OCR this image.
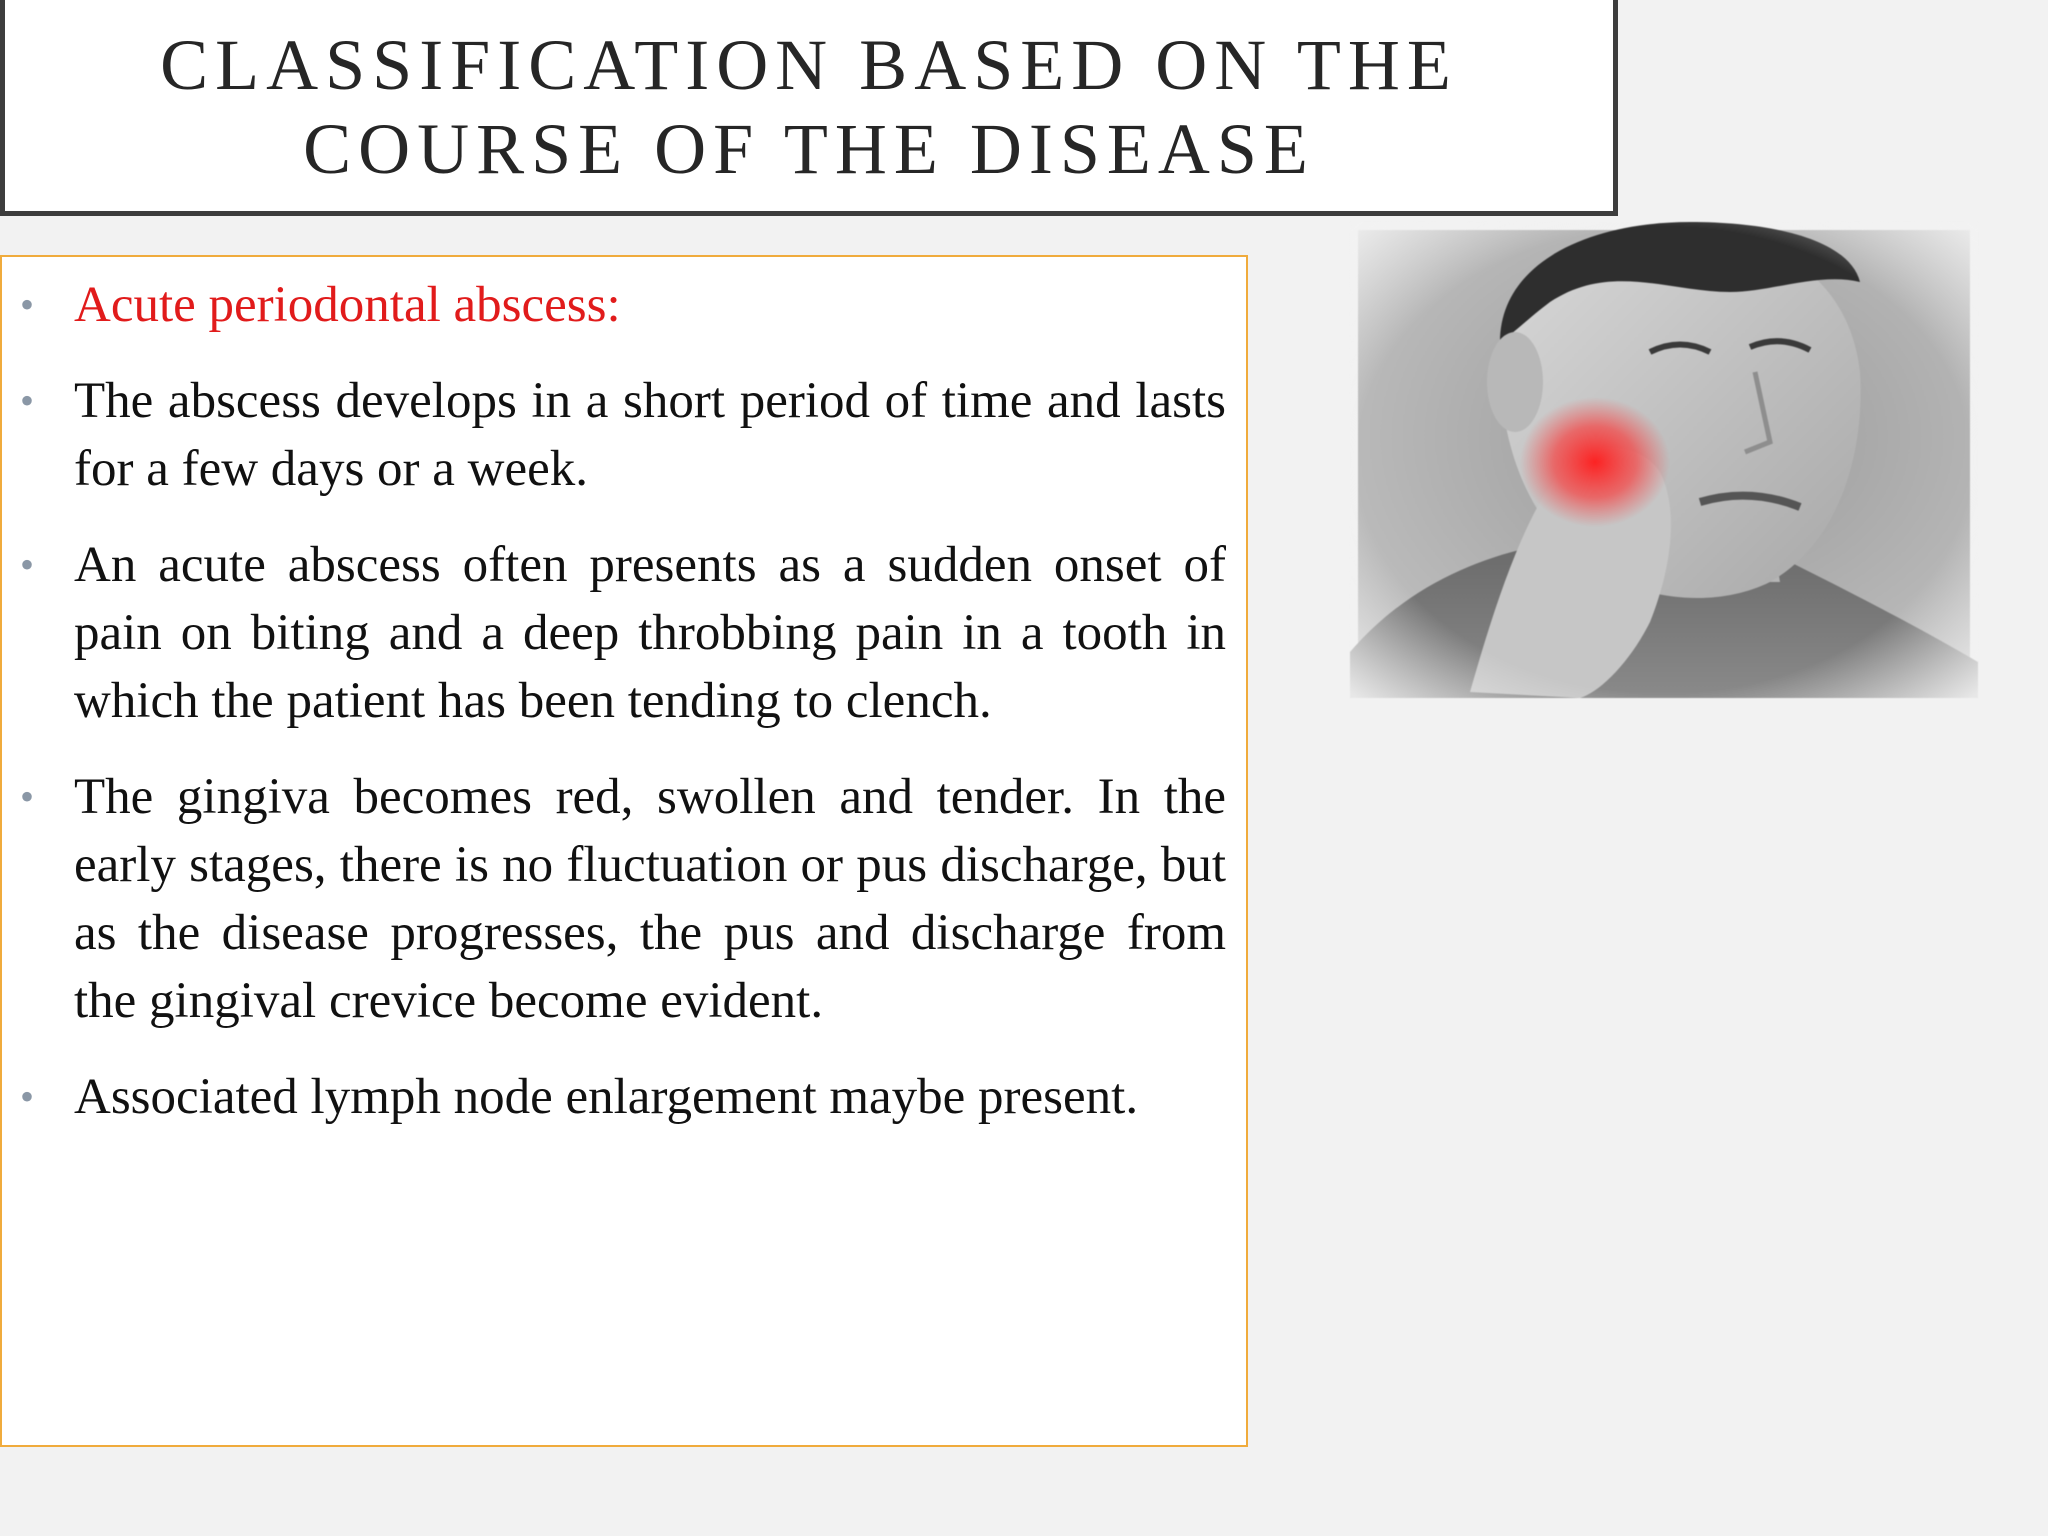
CLASSIFICATION BASED ON THE
COURSE OF THE DISEASE
• Acute periodontal abscess:
• The abscess develops in a short period of time and lasts for a few days or a week.
• An acute abscess often presents as a sudden onset of pain on biting and a deep throbbing pain in a tooth in which the patient has been tending to clench.
• The gingiva becomes red, swollen and tender. In the early stages, there is no fluctuation or pus discharge, but as the disease progresses, the pus and discharge from the gingival crevice become evident.
• Associated lymph node enlargement maybe present.
